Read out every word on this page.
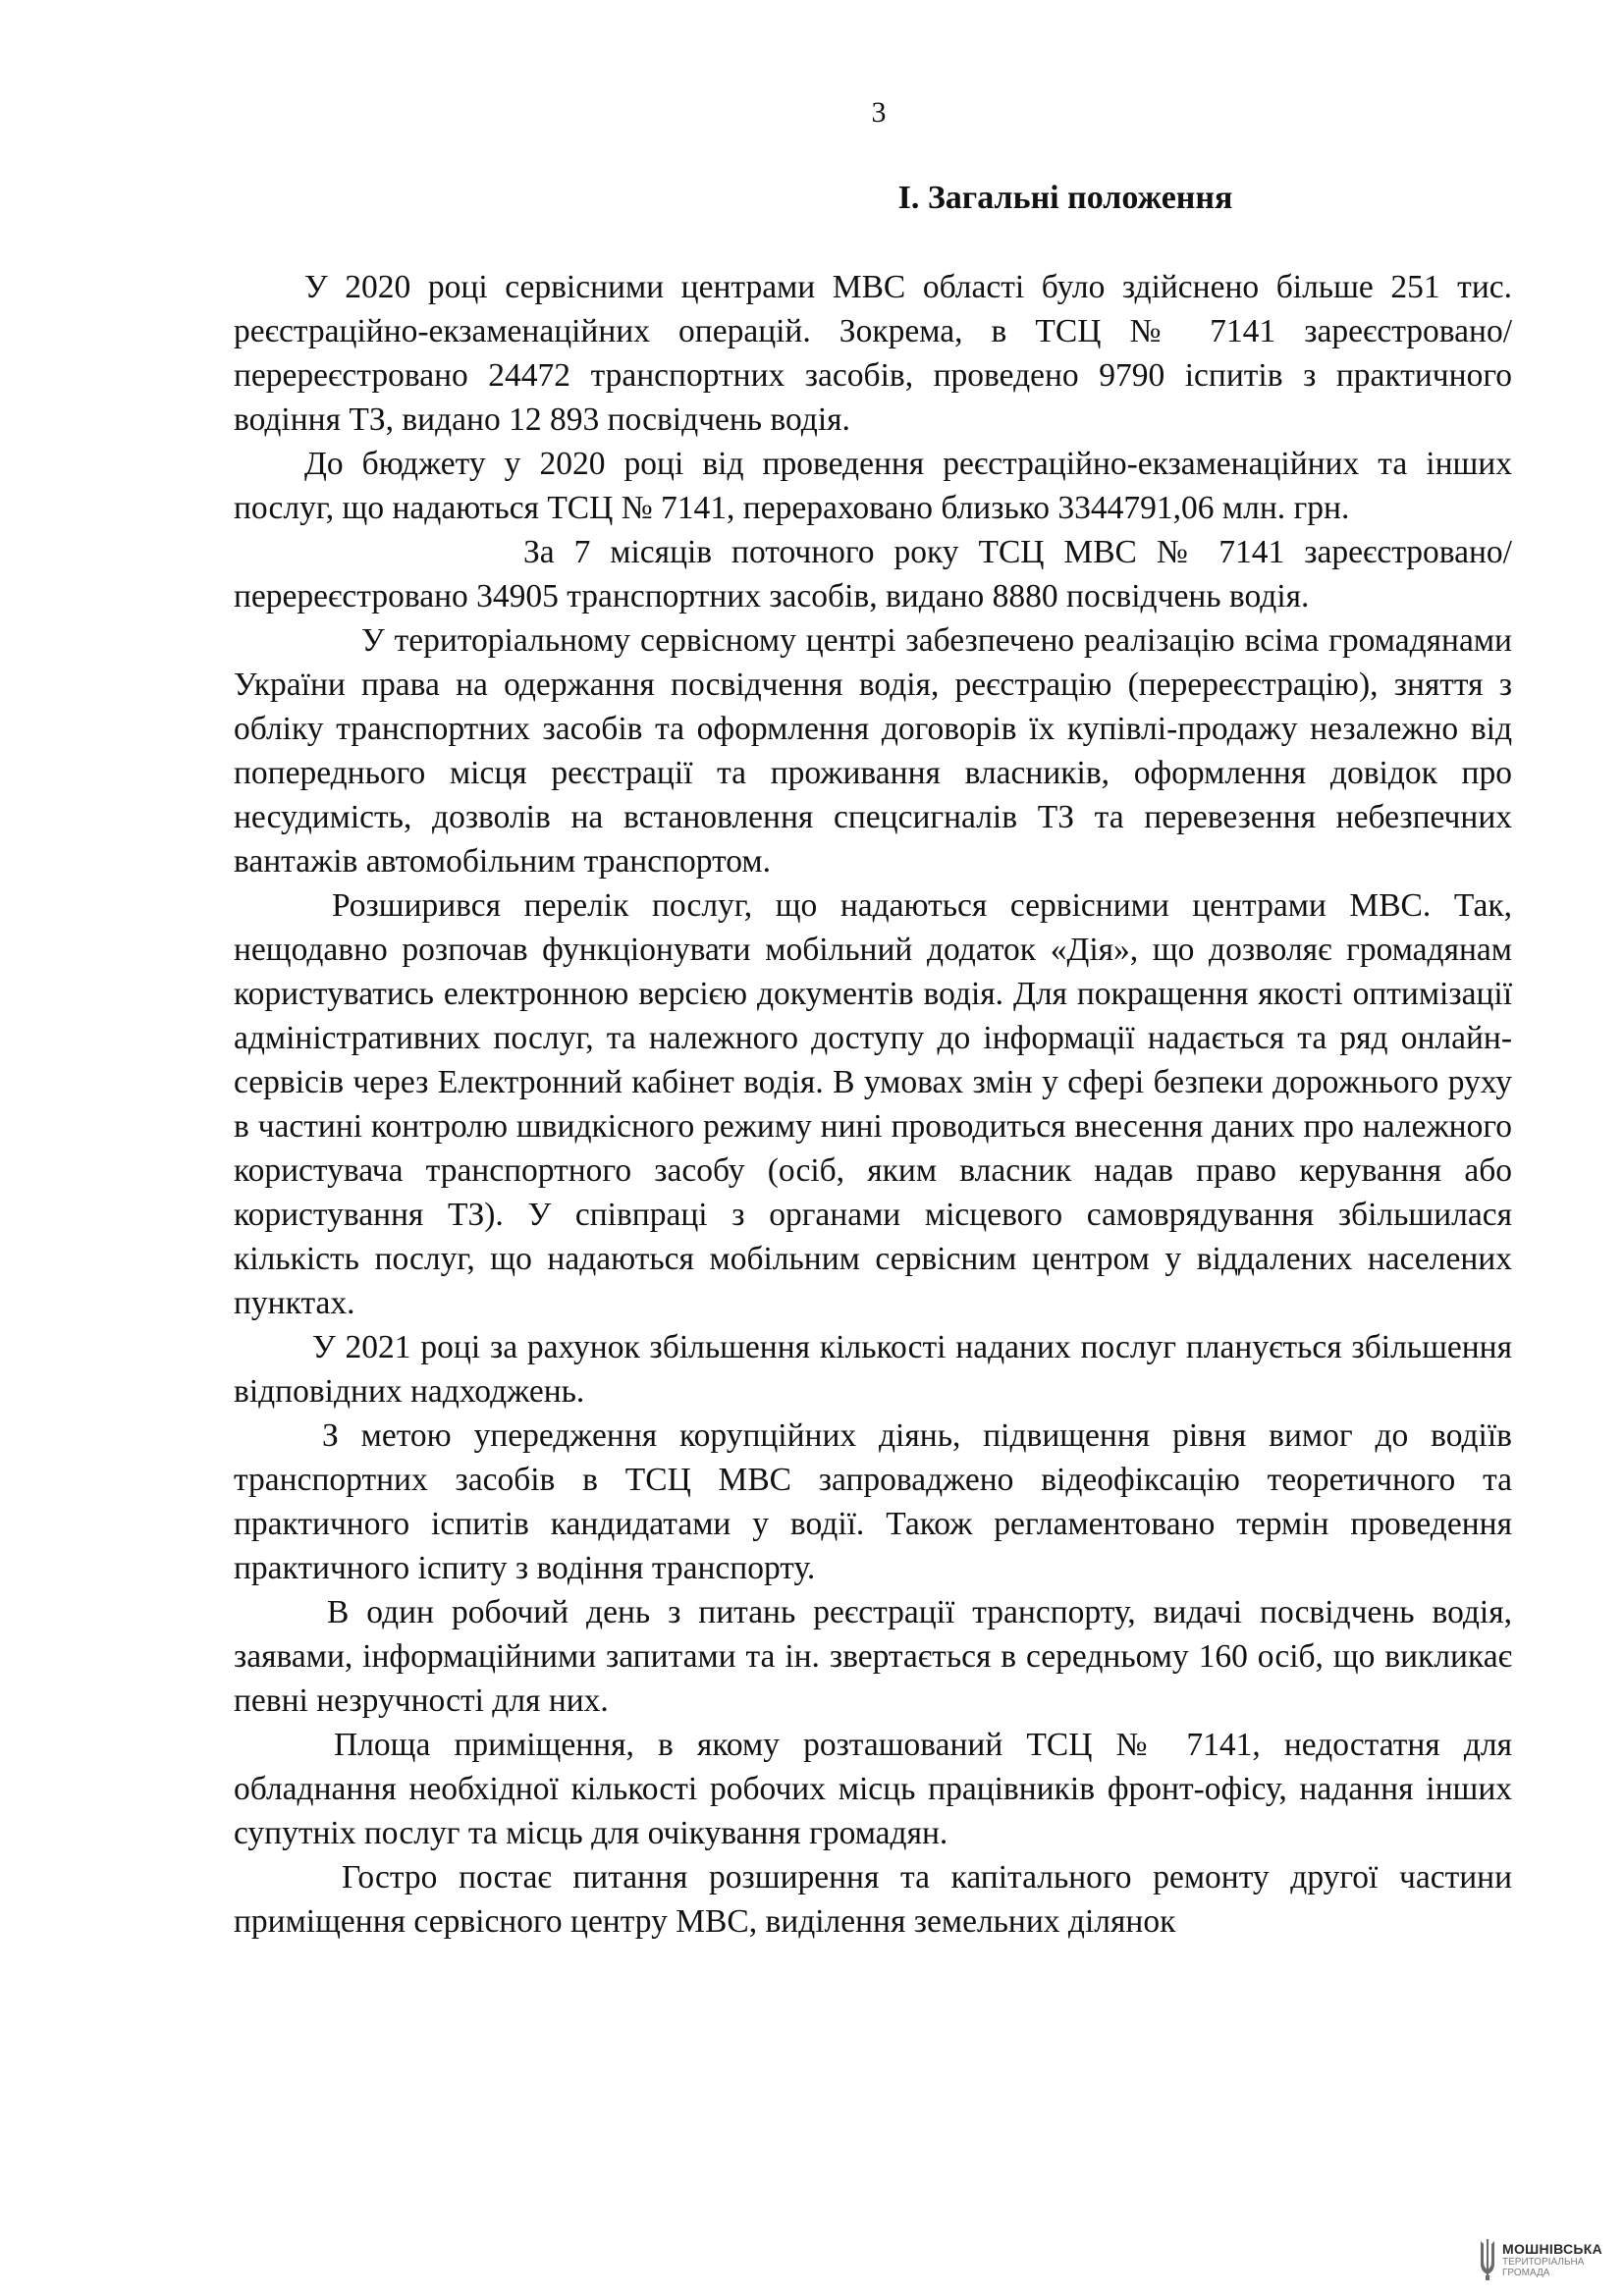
3
І. Загальні положення

У 2020 році сервісними центрами МВС області було здійснено більше 251 тис. реєстраційно-екзаменаційних операцій. Зокрема, в ТСЦ № 7141 зареєстровано/перереєстровано 24472 транспортних засобів, проведено 9790 іспитів з практичного водіння ТЗ, видано 12 893 посвідчень водія.

До бюджету у 2020 році від проведення реєстраційно-екзаменаційних та інших послуг, що надаються ТСЦ № 7141, перераховано близько 3344791,06 млн. грн.

За 7 місяців поточного року ТСЦ МВС № 7141 зареєстровано/перереєстровано 34905 транспортних засобів, видано 8880 посвідчень водія.

У територіальному сервісному центрі забезпечено реалізацію всіма громадянами України права на одержання посвідчення водія, реєстрацію (перереєстрацію), зняття з обліку транспортних засобів та оформлення договорів їх купівлі-продажу незалежно від попереднього місця реєстрації та проживання власників, оформлення довідок про несудимість, дозволів на встановлення спецсигналів ТЗ та перевезення небезпечних вантажів автомобільним транспортом.

Розширився перелік послуг, що надаються сервісними центрами МВС. Так, нещодавно розпочав функціонувати мобільний додаток «Дія», що дозволяє громадянам користуватись електронною версією документів водія. Для покращення якості оптимізації адміністративних послуг, та належного доступу до інформації надається та ряд онлайн-сервісів через Електронний кабінет водія. В умовах змін у сфері безпеки дорожнього руху в частині контролю швидкісного режиму нині проводиться внесення даних про належного користувача транспортного засобу (осіб, яким власник надав право керування або користування ТЗ). У співпраці з органами місцевого самоврядування збільшилася кількість послуг, що надаються мобільним сервісним центром у віддалених населених пунктах.

У 2021 році за рахунок збільшення кількості наданих послуг планується збільшення відповідних надходжень.

З метою упередження корупційних діянь, підвищення рівня вимог до водіїв транспортних засобів в ТСЦ МВС запроваджено відеофіксацію теоретичного та практичного іспитів кандидатами у водії. Також регламентовано термін проведення практичного іспиту з водіння транспорту.

В один робочий день з питань реєстрації транспорту, видачі посвідчень водія, заявами, інформаційними запитами та ін. звертається в середньому 160 осіб, що викликає певні незручності для них.

Площа приміщення, в якому розташований ТСЦ № 7141, недостатня для обладнання необхідної кількості робочих місць працівників фронт-офісу, надання інших супутніх послуг та місць для очікування громадян.

Гостро постає питання розширення та капітального ремонту другої частини приміщення сервісного центру МВС, виділення земельних ділянок

МОШНІВСЬКА
ТЕРИТОРІАЛЬНА
ГРОМАДА
